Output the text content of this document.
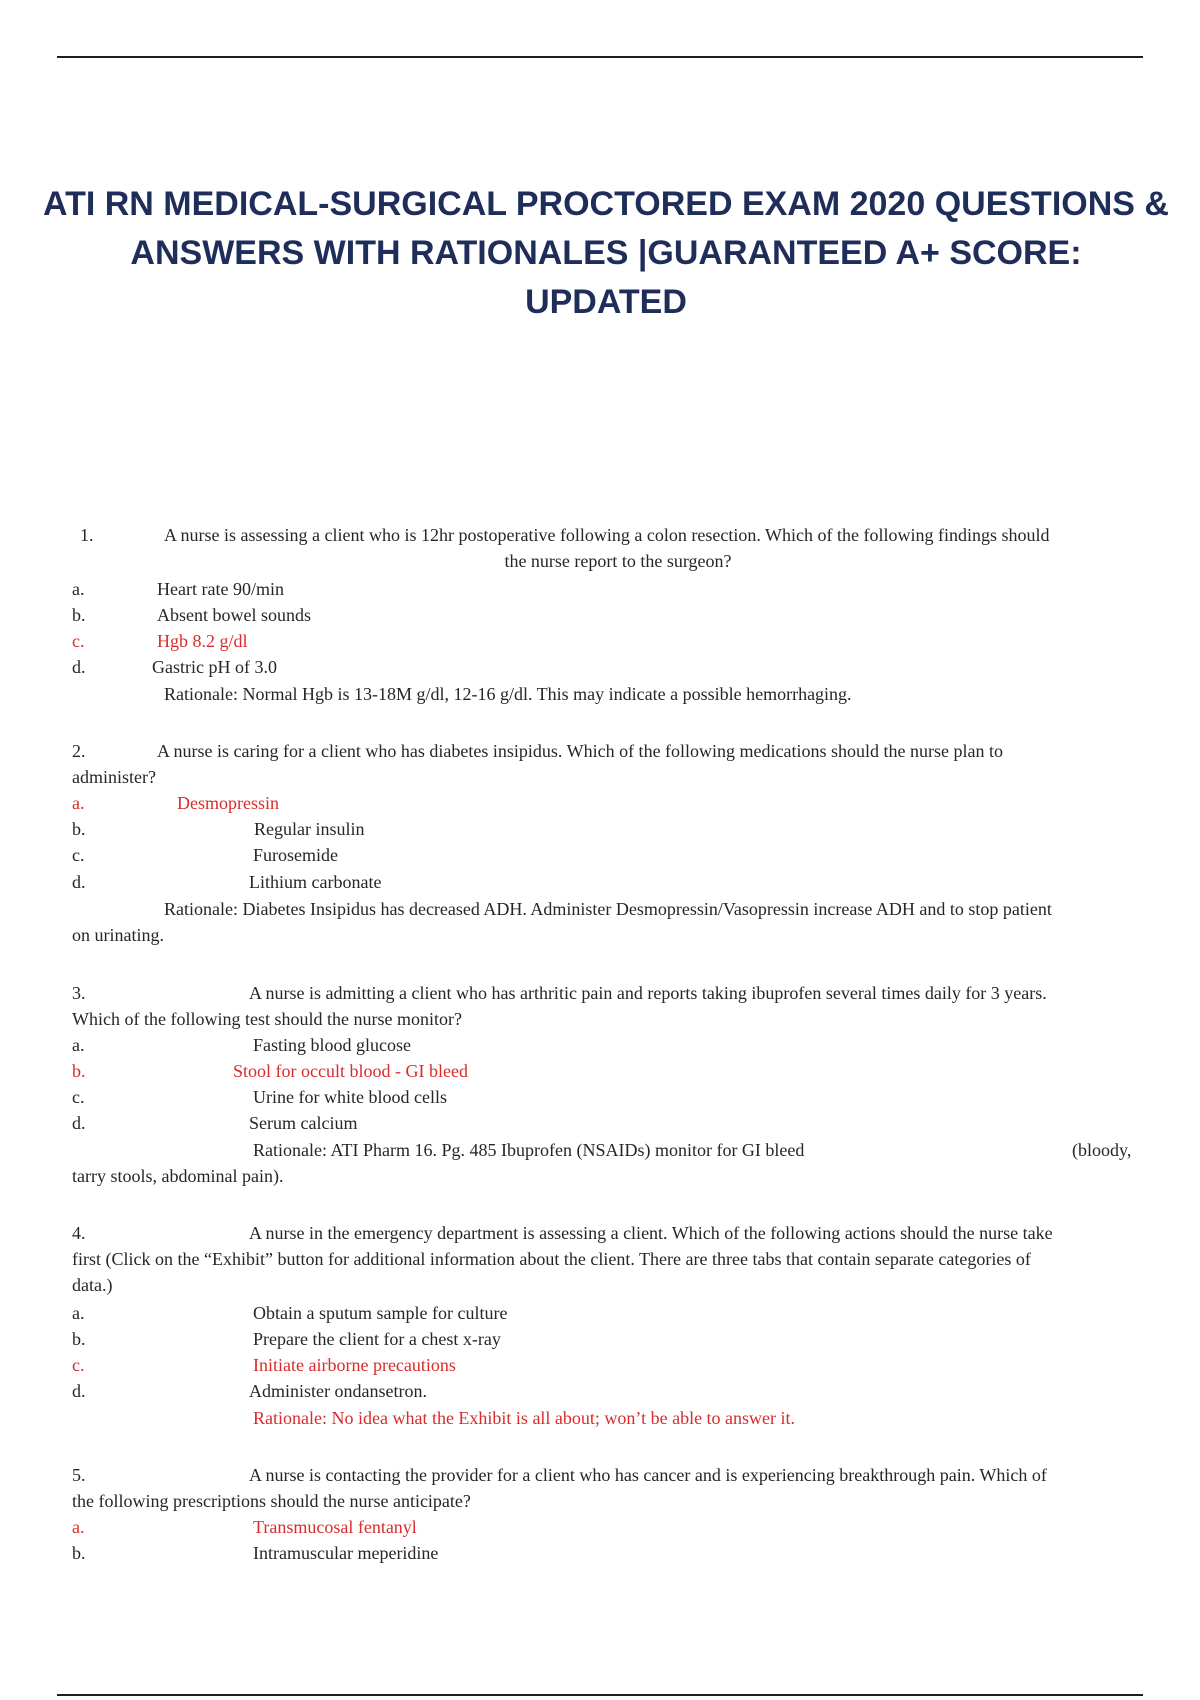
ATI RN MEDICAL-SURGICAL PROCTORED EXAM 2020 QUESTIONS &
ANSWERS WITH RATIONALES |GUARANTEED A+ SCORE:
UPDATED
1.	A nurse is assessing a client who is 12hr postoperative following a colon resection. Which of the following findings should
the nurse report to the surgeon?
a.	Heart rate 90/min
b.	Absent bowel sounds
c.	Hgb 8.2 g/dl
d.	Gastric pH of 3.0
Rationale: Normal Hgb is 13-18M g/dl, 12-16 g/dl. This may indicate a possible hemorrhaging.
2.	A nurse is caring for a client who has diabetes insipidus. Which of the following medications should the nurse plan to
administer?
a.	Desmopressin
b.	Regular insulin
c.	Furosemide
d.	Lithium carbonate
Rationale: Diabetes Insipidus has decreased ADH. Administer Desmopressin/Vasopressin increase ADH and to stop patient
on urinating.
3.	A nurse is admitting a client who has arthritic pain and reports taking ibuprofen several times daily for 3 years.
Which of the following test should the nurse monitor?
a.	Fasting blood glucose
b.	Stool for occult blood - GI bleed
c.	Urine for white blood cells
d.	Serum calcium
Rationale: ATI Pharm 16. Pg. 485 Ibuprofen (NSAIDs) monitor for GI bleed	(bloody,
tarry stools, abdominal pain).
4.	A nurse in the emergency department is assessing a client. Which of the following actions should the nurse take
first (Click on the “Exhibit” button for additional information about the client. There are three tabs that contain separate categories of
data.)
a.	Obtain a sputum sample for culture
b.	Prepare the client for a chest x-ray
c.	Initiate airborne precautions
d.	Administer ondansetron.
Rationale: No idea what the Exhibit is all about; won’t be able to answer it.
5.	A nurse is contacting the provider for a client who has cancer and is experiencing breakthrough pain. Which of
the following prescriptions should the nurse anticipate?
a.	Transmucosal fentanyl
b.	Intramuscular meperidine
